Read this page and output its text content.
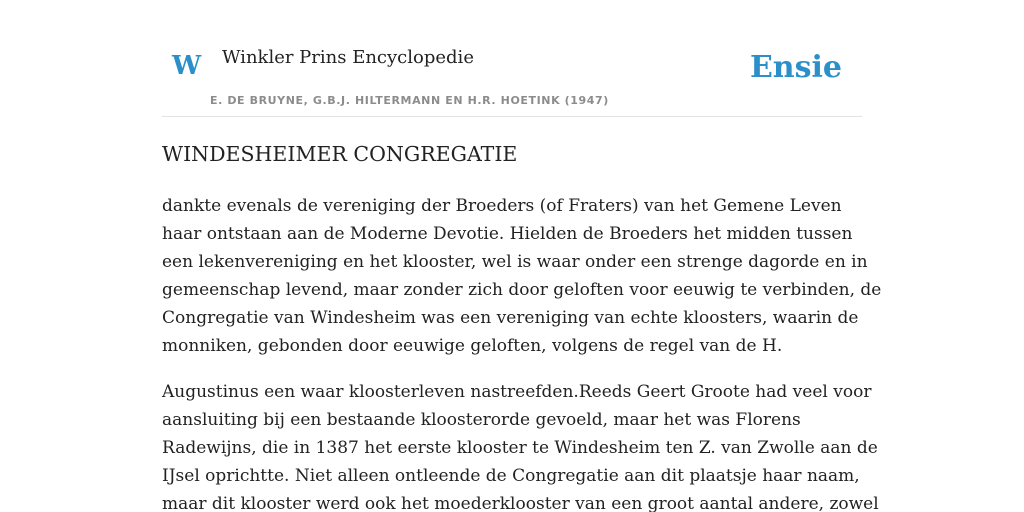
W Winkler Prins Encyclopedie
E. DE BRUYNE, G.B.J. HILTERMANN EN H.R. HOETINK (1947)
Ensie
WINDESHEIMER CONGREGATIE

dankte evenals de vereniging der Broeders (of Fraters) van het Gemene Leven haar ontstaan aan de Moderne Devotie. Hielden de Broeders het midden tussen een lekenvereniging en het klooster, wel is waar onder een strenge dagorde en in gemeenschap levend, maar zonder zich door geloften voor eeuwig te verbinden, de Congregatie van Windesheim was een vereniging van echte kloosters, waarin de monniken, gebonden door eeuwige geloften, volgens de regel van de H.

Augustinus een waar kloosterleven nastreefden.Reeds Geert Groote had veel voor aansluiting bij een bestaande kloosterorde gevoeld, maar het was Florens Radewijns, die in 1387 het eerste klooster te Windesheim ten Z. van Zwolle aan de IJsel oprichtte. Niet alleen ontleende de Congregatie aan dit plaatsje haar naam, maar dit klooster werd ook het moederklooster van een groot aantal andere, zowel
